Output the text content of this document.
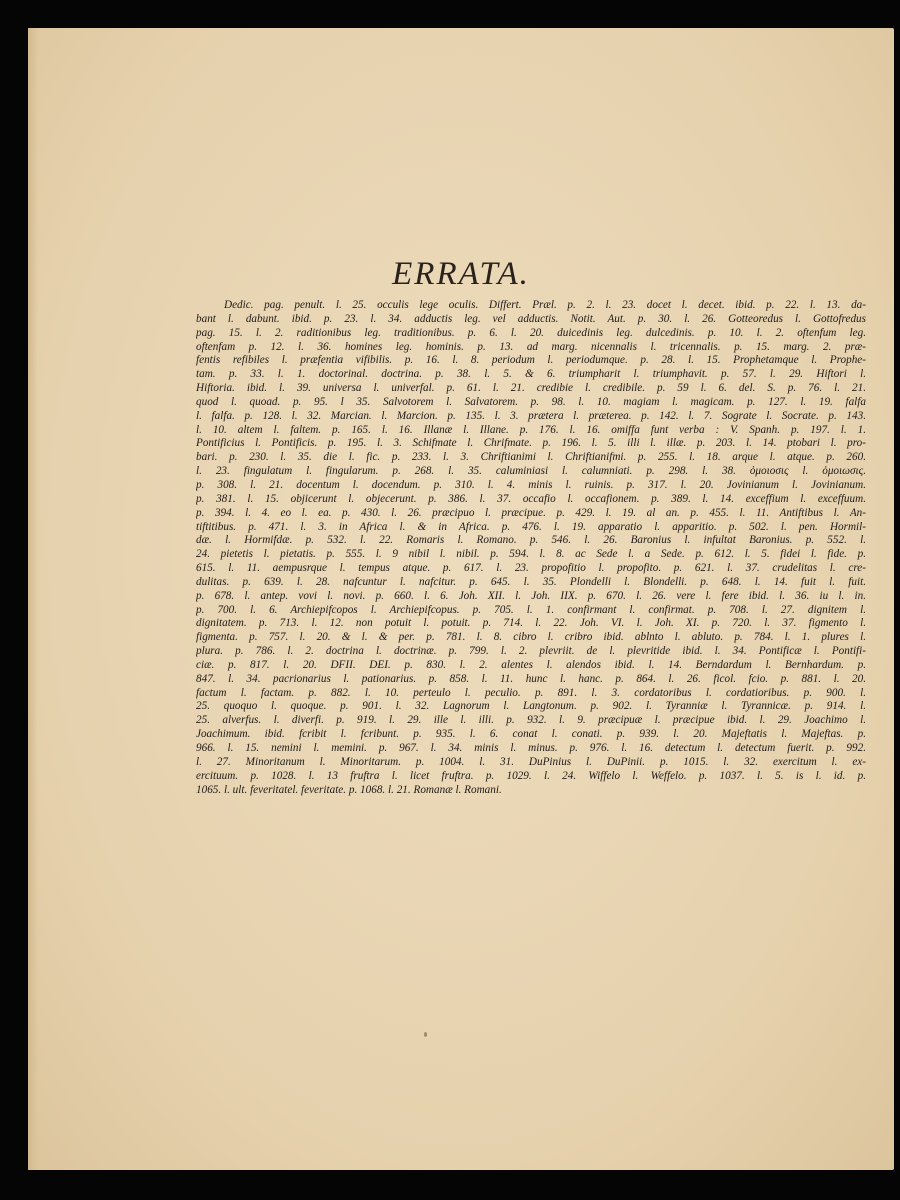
ERRATA.
Dedic. pag. penult. l. 25. occulis lege oculis. Differt. Præl. p. 2. l. 23. docet l. decet. ibid. p. 22. l. 13. da-
bant l. dabunt. ibid. p. 23. l. 34. adductis leg. vel adductis. Notit. Aut. p. 30. l. 26. Gotteoredus l. Gottofredus
pag. 15. l. 2. raditionibus leg. traditionibus. p. 6. l. 20. duicedinis leg. dulcedinis. p. 10. l. 2. oftenfum leg.
oftenfam p. 12. l. 36. homines leg. hominis. p. 13. ad marg. nicennalis l. tricennalis. p. 15. marg. 2. præ-
fentis refibiles l. præfentia vifibilis. p. 16. l. 8. periodum l. periodumque. p. 28. l. 15. Prophetamque l. Prophe-
tam. p. 33. l. 1. doctorinal. doctrina. p. 38. l. 5. & 6. triumpharit l. triumphavit. p. 57. l. 29. Hiftori l.
Hiftoria. ibid. l. 39. universa l. univerfal. p. 61. l. 21. credibie l. credibile. p. 59 l. 6. del. S. p. 76. l. 21.
quod l. quoad. p. 95. l 35. Salvotorem l. Salvatorem. p. 98. l. 10. magiam l. magicam. p. 127. l. 19. falfa
l. falfa. p. 128. l. 32. Marcian. l. Marcion. p. 135. l. 3. prætera l. præterea. p. 142. l. 7. Sograte l. Socrate. p. 143.
l. 10. altem l. faltem. p. 165. l. 16. Illanæ l. Illane. p. 176. l. 16. omiffa funt verba : V. Spanh. p. 197. l. 1.
Pontificius l. Pontificis. p. 195. l. 3. Schifmate l. Chrifmate. p. 196. l. 5. illi l. illæ. p. 203. l. 14. ptobari l. pro-
bari. p. 230. l. 35. die l. fic. p. 233. l. 3. Chriftianimi l. Chriftianifmi. p. 255. l. 18. arque l. atque. p. 260.
l. 23. fingulatum l. fingularum. p. 268. l. 35. caluminiasi l. calumniati. p. 298. l. 38. ὁμοιοσις l. ὁμοιωσις.
p. 308. l. 21. docentum l. docendum. p. 310. l. 4. minis l. ruinis. p. 317. l. 20. Jovinianum l. Jovinianum.
p. 381. l. 15. objicerunt l. objecerunt. p. 386. l. 37. occafio l. occafionem. p. 389. l. 14. exceffium l. exceffuum.
p. 394. l. 4. eo l. ea. p. 430. l. 26. præcipuo l. præcipue. p. 429. l. 19. al an. p. 455. l. 11. Antiftibus l. An-
tiftitibus. p. 471. l. 3. in Africa l. & in Africa. p. 476. l. 19. apparatio l. apparitio. p. 502. l. pen. Hormil-
dæ. l. Hormifdæ. p. 532. l. 22. Romaris l. Romano. p. 546. l. 26. Baronius l. infultat Baronius. p. 552. l.
24. pietetis l. pietatis. p. 555. l. 9 nibil l. nibil. p. 594. l. 8. ac Sede l. a Sede. p. 612. l. 5. fidei l. fide. p.
615. l. 11. aempusrque l. tempus atque. p. 617. l. 23. propofitio l. propofito. p. 621. l. 37. crudelitas l. cre-
dulitas. p. 639. l. 28. nafcuntur l. nafcitur. p. 645. l. 35. Plondelli l. Blondelli. p. 648. l. 14. fuit l. fuit.
p. 678. l. antep. vovi l. novi. p. 660. l. 6. Joh. XII. l. Joh. IIX. p. 670. l. 26. vere l. fere ibid. l. 36. iu l. in.
p. 700. l. 6. Archiepifcopos l. Archiepifcopus. p. 705. l. 1. confirmant l. confirmat. p. 708. l. 27. dignitem l.
dignitatem. p. 713. l. 12. non potuit l. potuit. p. 714. l. 22. Joh. VI. l. Joh. XI. p. 720. l. 37. figmento l.
figmenta. p. 757. l. 20. & l. & per. p. 781. l. 8. cibro l. cribro ibid. ablnto l. abluto. p. 784. l. 1. plures l.
plura. p. 786. l. 2. doctrina l. doctrinæ. p. 799. l. 2. plevriit. de l. plevritide ibid. l. 34. Pontificæ l. Pontifi-
ciæ. p. 817. l. 20. DFII. DEI. p. 830. l. 2. alentes l. alendos ibid. l. 14. Berndardum l. Bernhardum. p.
847. l. 34. pacrionarius l. pationarius. p. 858. l. 11. hunc l. hanc. p. 864. l. 26. ficol. fcio. p. 881. l. 20.
factum l. factam. p. 882. l. 10. perteulo l. peculio. p. 891. l. 3. cordatoribus l. cordatioribus. p. 900. l.
25. quoquo l. quoque. p. 901. l. 32. Lagnorum l. Langtonum. p. 902. l. Tyranniæ l. Tyrannicæ. p. 914. l.
25. alverfus. l. diverfi. p. 919. l. 29. ille l. illi. p. 932. l. 9. præcipuæ l. præcipue ibid. l. 29. Joachimo l.
Joachimum. ibid. fcribit l. fcribunt. p. 935. l. 6. conat l. conati. p. 939. l. 20. Majeftatis l. Majeftas. p.
966. l. 15. nemini l. memini. p. 967. l. 34. minis l. minus. p. 976. l. 16. detectum l. detectum fuerit. p. 992.
l. 27. Minoritanum l. Minoritarum. p. 1004. l. 31. DuPinius l. DuPinii. p. 1015. l. 32. exercitum l. ex-
ercituum. p. 1028. l. 13 fruftra l. licet fruftra. p. 1029. l. 24. Wiffelo l. Weffelo. p. 1037. l. 5. is l. id. p.
1065. l. ult. feveritatel. feveritate. p. 1068. l. 21. Romanæ l. Romani.
